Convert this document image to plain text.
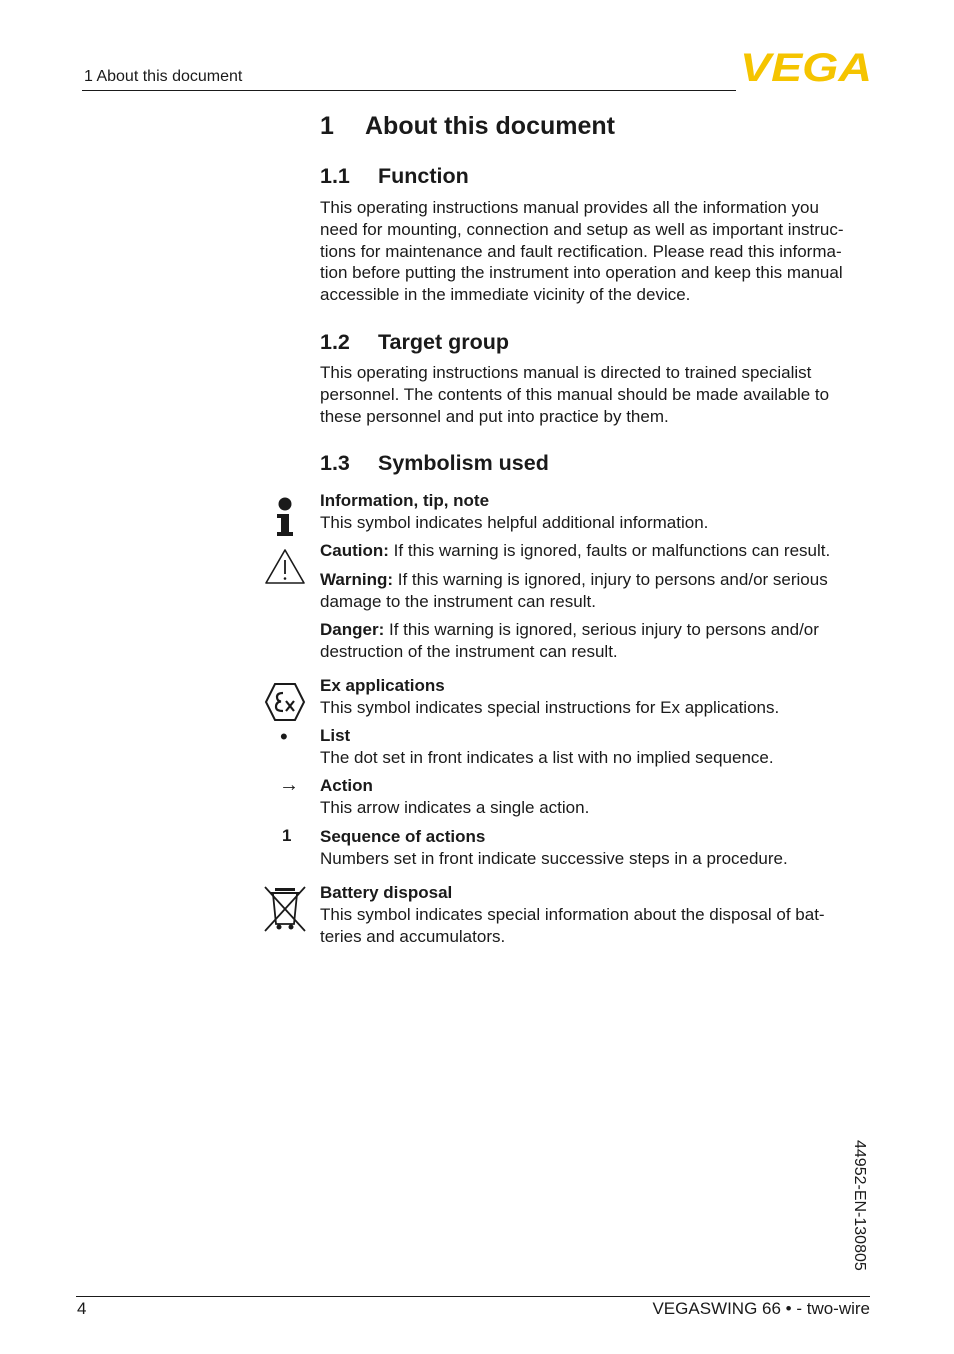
1 About this document	VEGA
1 About this document
1.1 Function
This operating instructions manual provides all the information you
need for mounting, connection and setup as well as important instruc-
tions for maintenance and fault rectification. Please read this informa-
tion before putting the instrument into operation and keep this manual
accessible in the immediate vicinity of the device.
1.2 Target group
This operating instructions manual is directed to trained specialist
personnel. The contents of this manual should be made available to
these personnel and put into practice by them.
1.3 Symbolism used
Information, tip, note
This symbol indicates helpful additional information.
Caution: If this warning is ignored, faults or malfunctions can result.
Warning: If this warning is ignored, injury to persons and/or serious
damage to the instrument can result.
Danger: If this warning is ignored, serious injury to persons and/or
destruction of the instrument can result.
Ex applications
This symbol indicates special instructions for Ex applications.
• List
The dot set in front indicates a list with no implied sequence.
→ Action
This arrow indicates a single action.
1 Sequence of actions
Numbers set in front indicate successive steps in a procedure.
Battery disposal
This symbol indicates special information about the disposal of bat-
teries and accumulators.
44952-EN-130805
4	VEGASWING 66 • - two-wire
